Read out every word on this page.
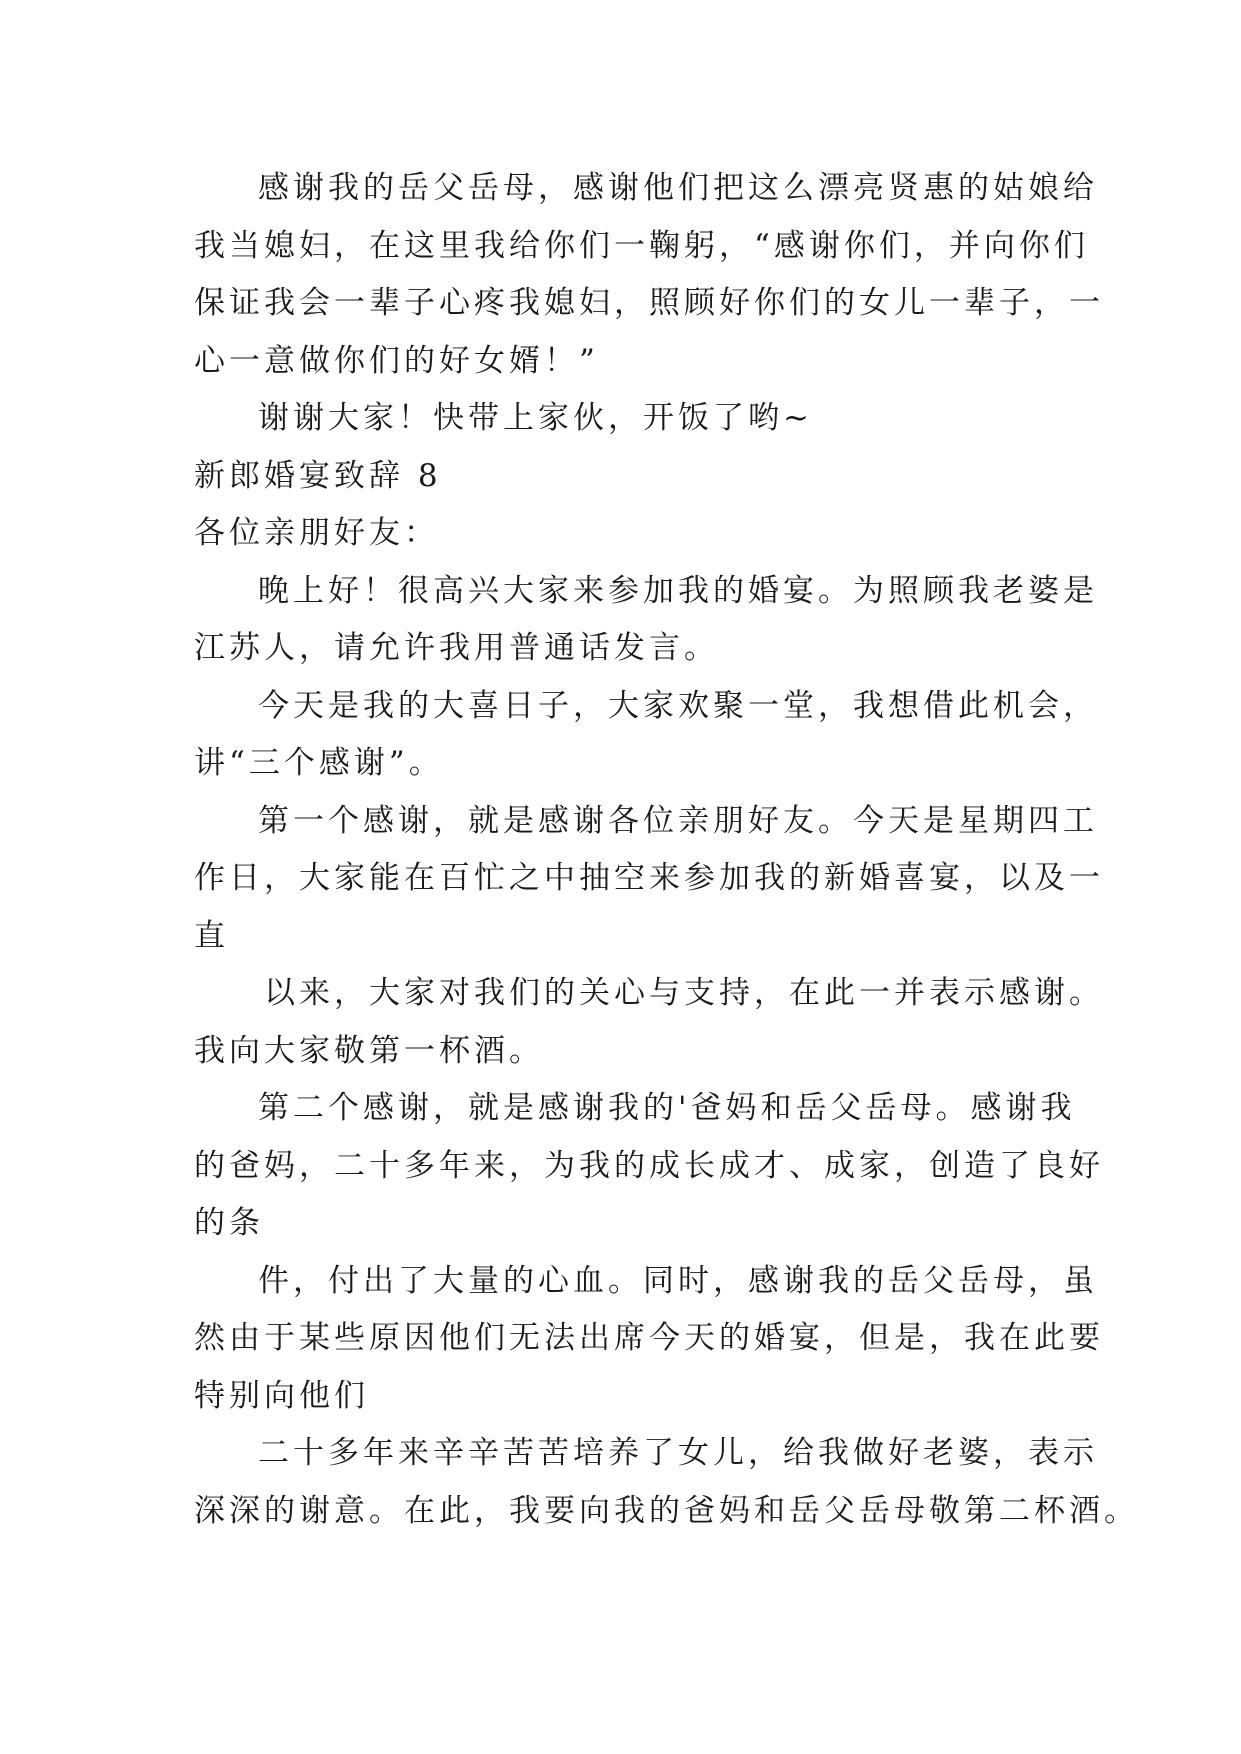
感谢我的岳父岳母，感谢他们把这么漂亮贤惠的姑娘给
我当媳妇，在这里我给你们一鞠躬，“感谢你们，并向你们
保证我会一辈子心疼我媳妇，照顾好你们的女儿一辈子，一
心一意做你们的好女婿！”
谢谢大家！快带上家伙，开饭了哟~
新郎婚宴致辞 8
各位亲朋好友：
晚上好！很高兴大家来参加我的婚宴。为照顾我老婆是
江苏人，请允许我用普通话发言。
今天是我的大喜日子，大家欢聚一堂，我想借此机会，
讲“三个感谢”。
第一个感谢，就是感谢各位亲朋好友。今天是星期四工
作日，大家能在百忙之中抽空来参加我的新婚喜宴，以及一
直
以来，大家对我们的关心与支持，在此一并表示感谢。
我向大家敬第一杯酒。
第二个感谢，就是感谢我的'爸妈和岳父岳母。感谢我
的爸妈，二十多年来，为我的成长成才、成家，创造了良好
的条
件，付出了大量的心血。同时，感谢我的岳父岳母，虽
然由于某些原因他们无法出席今天的婚宴，但是，我在此要
特别向他们
二十多年来辛辛苦苦培养了女儿，给我做好老婆，表示
深深的谢意。在此，我要向我的爸妈和岳父岳母敬第二杯酒。
